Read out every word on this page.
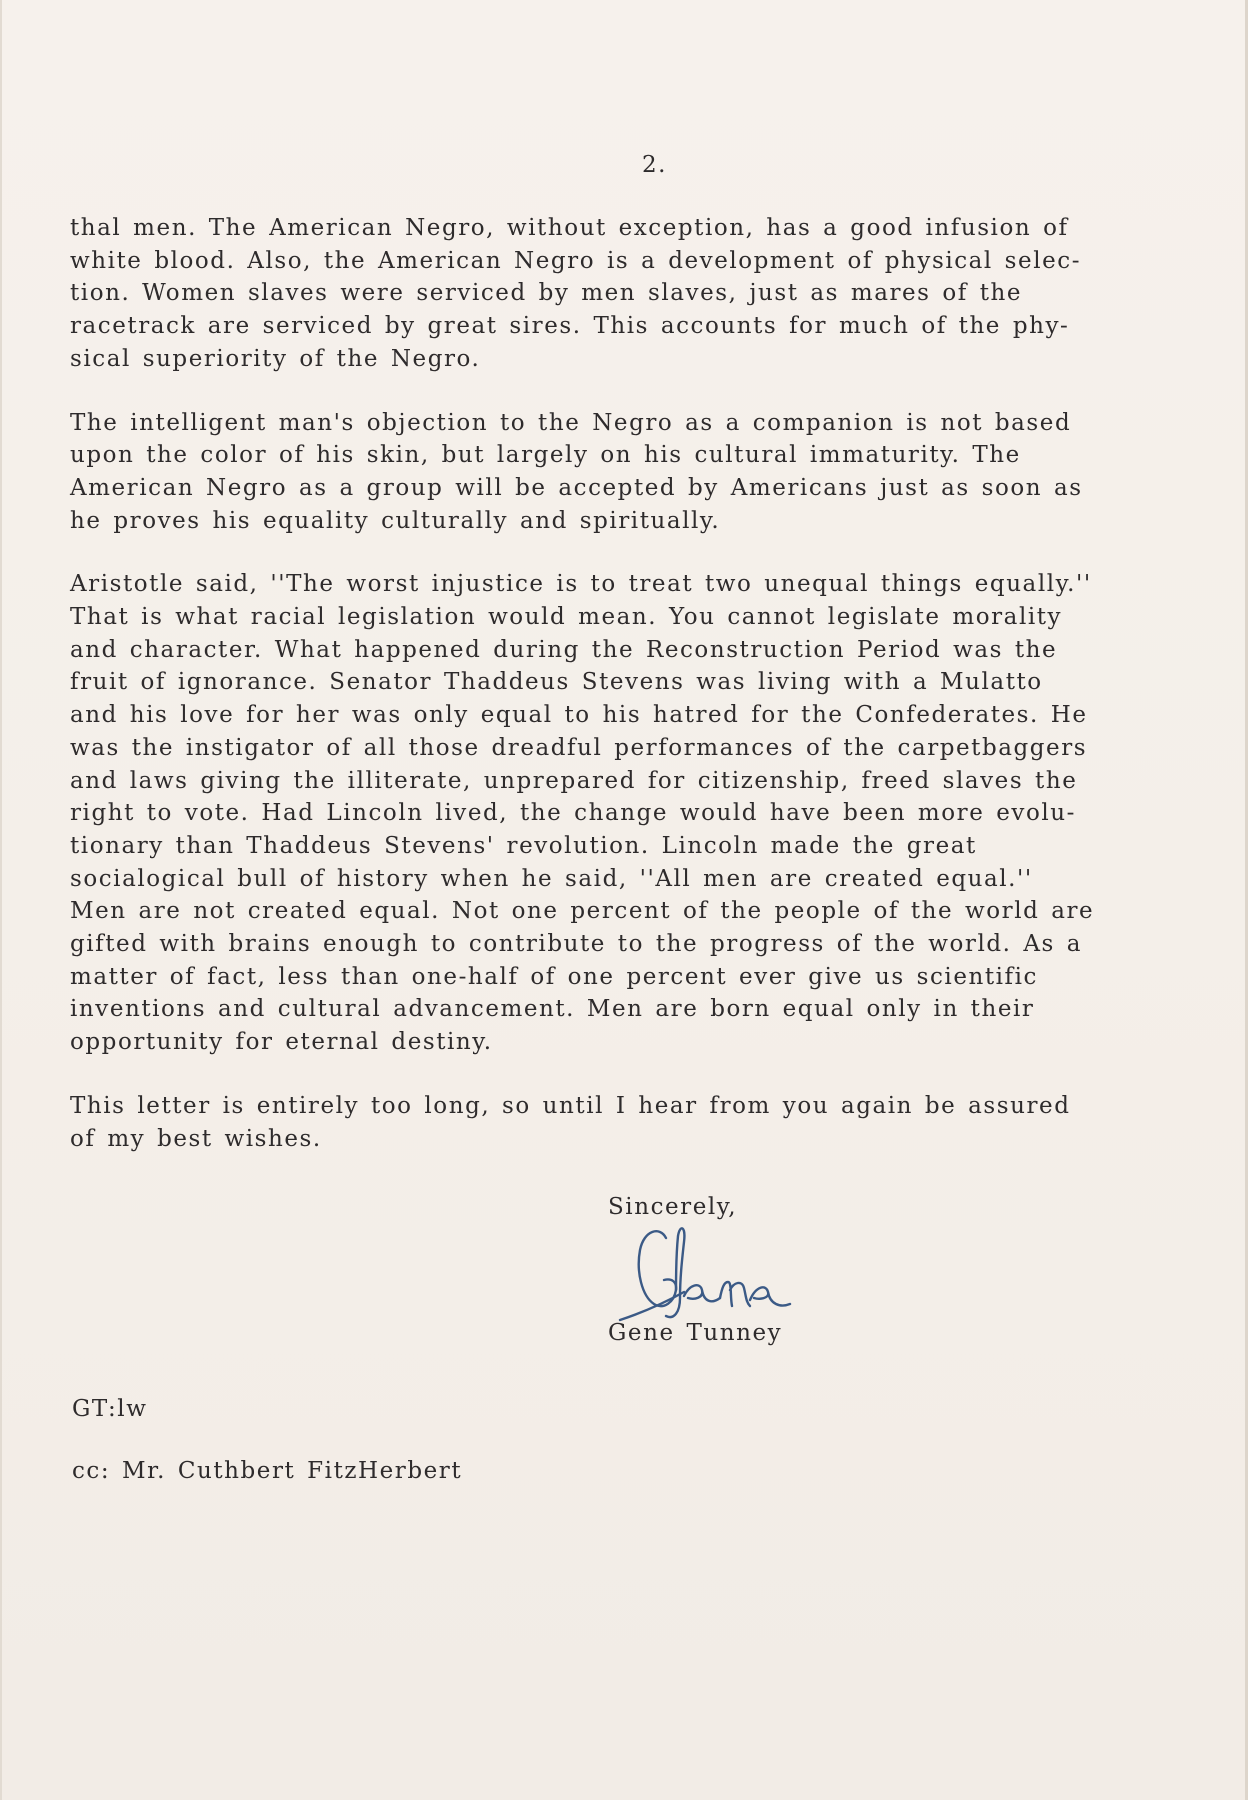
2.

thal men. The American Negro, without exception, has a good infusion of
white blood. Also, the American Negro is a development of physical selec-
tion. Women slaves were serviced by men slaves, just as mares of the
racetrack are serviced by great sires. This accounts for much of the phy-
sical superiority of the Negro.

The intelligent man's objection to the Negro as a companion is not based
upon the color of his skin, but largely on his cultural immaturity. The
American Negro as a group will be accepted by Americans just as soon as
he proves his equality culturally and spiritually.

Aristotle said, ''The worst injustice is to treat two unequal things equally.''
That is what racial legislation would mean. You cannot legislate morality
and character. What happened during the Reconstruction Period was the
fruit of ignorance. Senator Thaddeus Stevens was living with a Mulatto
and his love for her was only equal to his hatred for the Confederates. He
was the instigator of all those dreadful performances of the carpetbaggers
and laws giving the illiterate, unprepared for citizenship, freed slaves the
right to vote. Had Lincoln lived, the change would have been more evolu-
tionary than Thaddeus Stevens' revolution. Lincoln made the great
socialogical bull of history when he said, ''All men are created equal.''
Men are not created equal. Not one percent of the people of the world are
gifted with brains enough to contribute to the progress of the world. As a
matter of fact, less than one-half of one percent ever give us scientific
inventions and cultural advancement. Men are born equal only in their
opportunity for eternal destiny.

This letter is entirely too long, so until I hear from you again be assured
of my best wishes.

Sincerely,

Gene Tunney

GT:lw

cc: Mr. Cuthbert FitzHerbert
